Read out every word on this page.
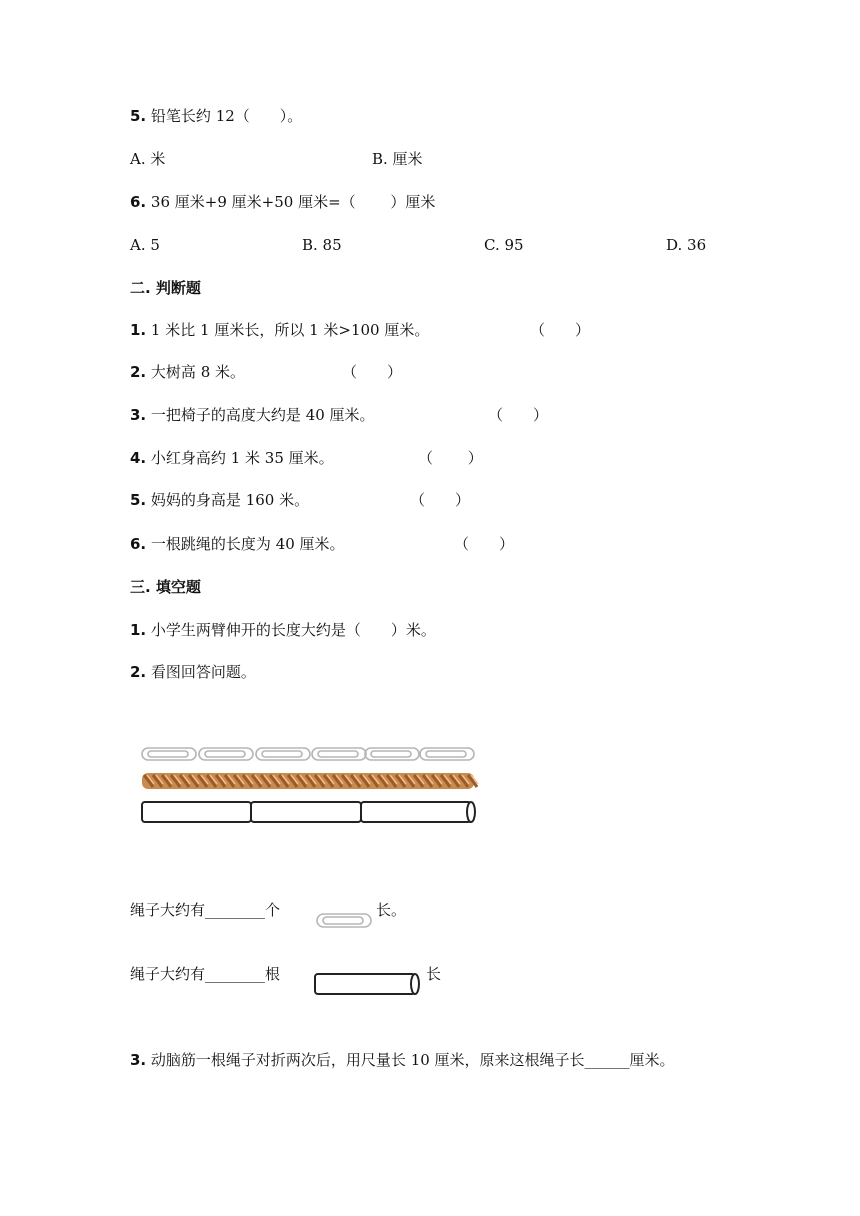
5. 铅笔长约 12（　　）。
A. 米	B. 厘米
6. 36 厘米+9 厘米+50 厘米=（　　 ）厘米
A. 5	B. 85	C. 95	D. 36
二. 判断题
1. 1 米比 1 厘米长，所以 1 米>100 厘米。	（　　）
2. 大树高 8 米。	（　　）
3. 一把椅子的高度大约是 40 厘米。	（　　）
4. 小红身高约 1 米 35 厘米。	（　　 ）
5. 妈妈的身高是 160 米。	（　　）
6. 一根跳绳的长度为 40 厘米。	（　　）
三. 填空题
1. 小学生两臂伸开的长度大约是（　　）米。
2. 看图回答问题。
绳子大约有________个	长。
绳子大约有________根	长
3. 动脑筋一根绳子对折两次后，用尺量长 10 厘米，原来这根绳子长______厘米。
